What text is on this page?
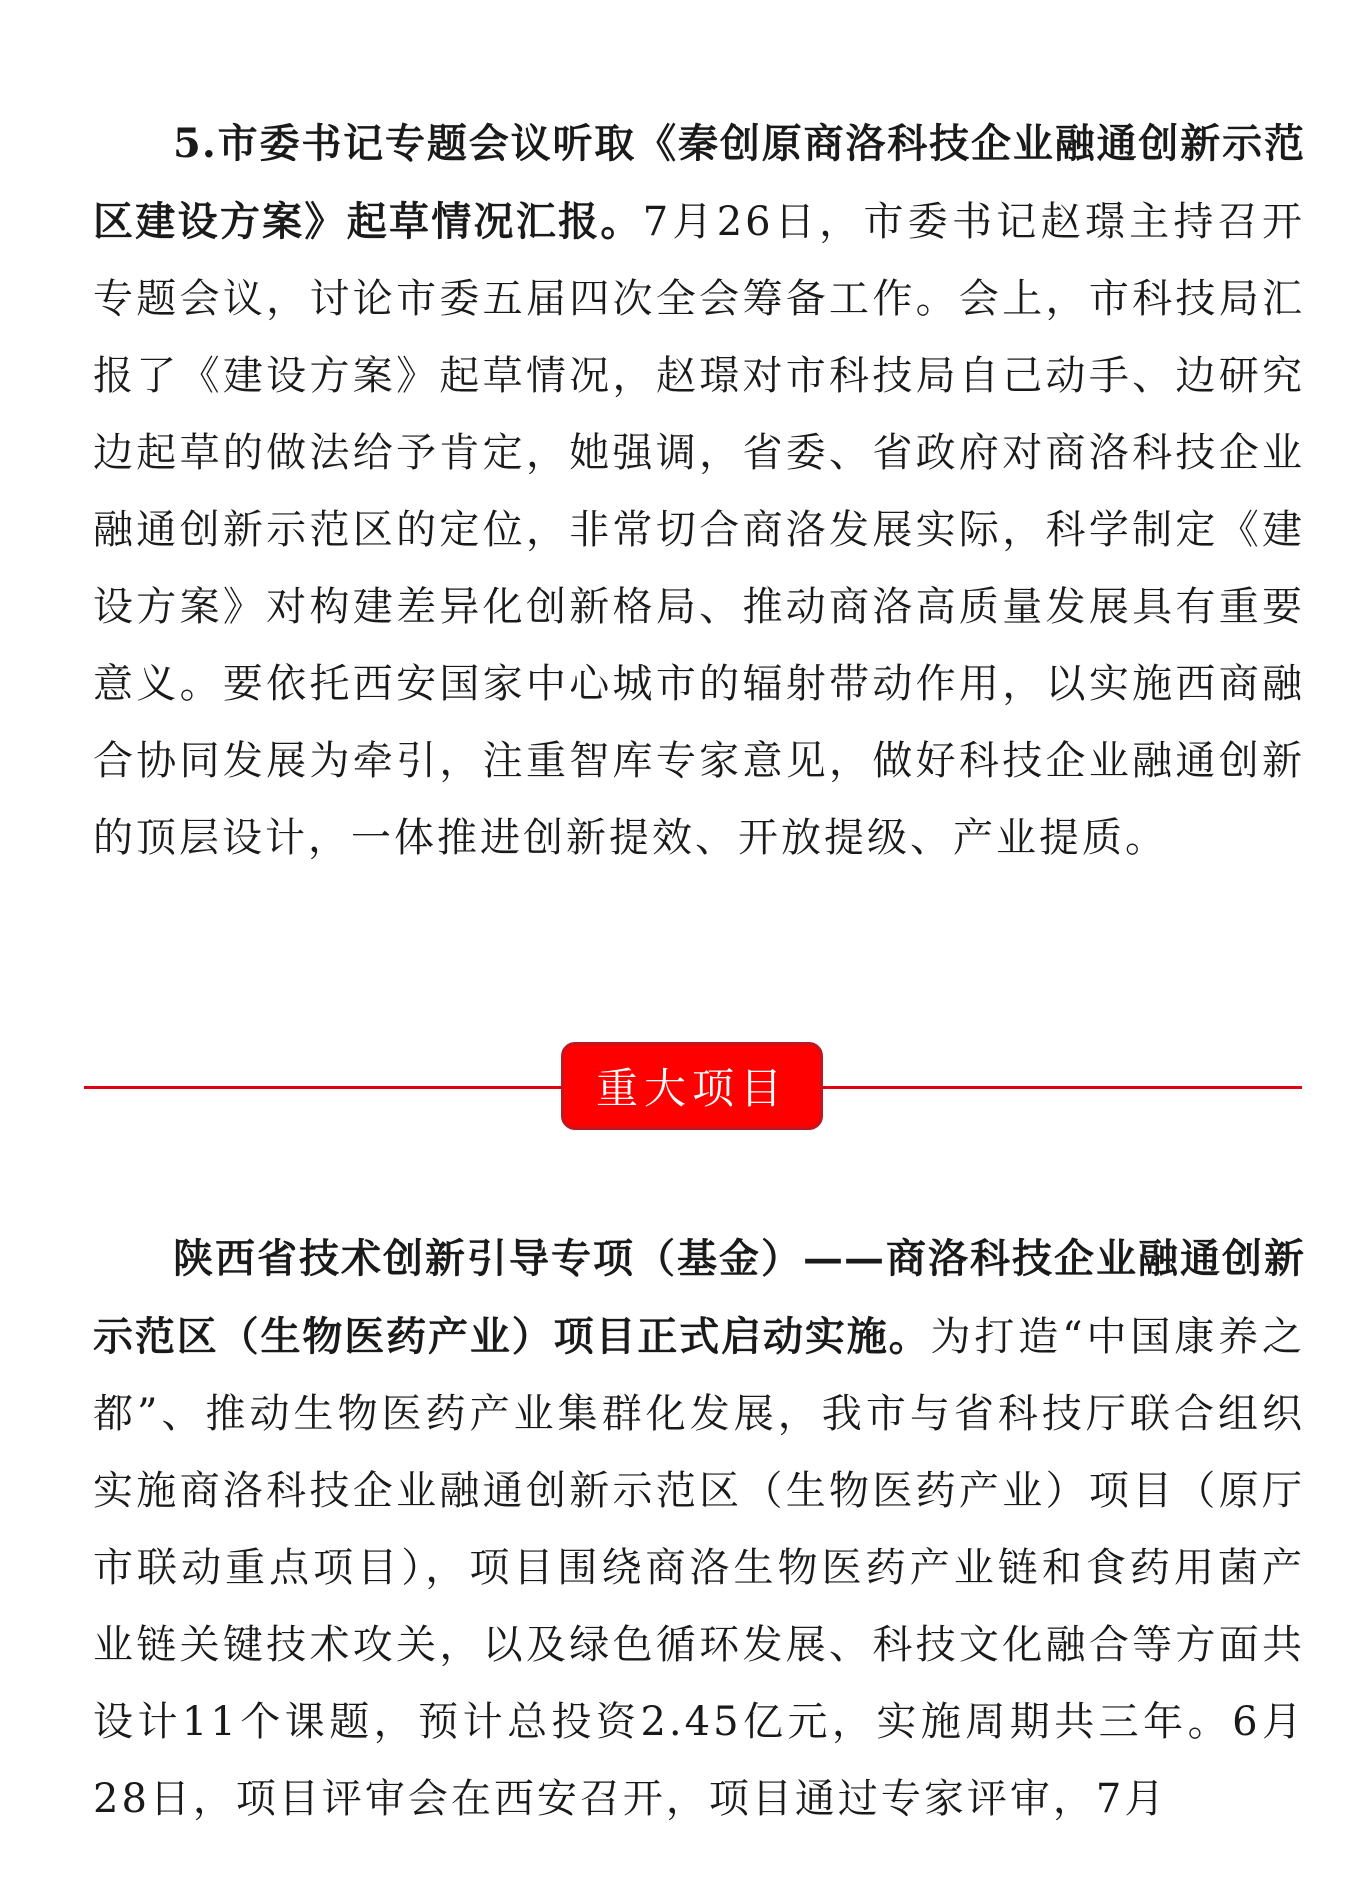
5.市委书记专题会议听取《秦创原商洛科技企业融通创新示范区建设方案》起草情况汇报。7月26日，市委书记赵璟主持召开专题会议，讨论市委五届四次全会筹备工作。会上，市科技局汇报了《建设方案》起草情况，赵璟对市科技局自己动手、边研究边起草的做法给予肯定，她强调，省委、省政府对商洛科技企业融通创新示范区的定位，非常切合商洛发展实际，科学制定《建设方案》对构建差异化创新格局、推动商洛高质量发展具有重要意义。要依托西安国家中心城市的辐射带动作用，以实施西商融合协同发展为牵引，注重智库专家意见，做好科技企业融通创新的顶层设计，一体推进创新提效、开放提级、产业提质。

重大项目

陕西省技术创新引导专项（基金）——商洛科技企业融通创新示范区（生物医药产业）项目正式启动实施。为打造“中国康养之都”、推动生物医药产业集群化发展，我市与省科技厅联合组织实施商洛科技企业融通创新示范区（生物医药产业）项目（原厅市联动重点项目），项目围绕商洛生物医药产业链和食药用菌产业链关键技术攻关，以及绿色循环发展、科技文化融合等方面共设计11个课题，预计总投资2.45亿元，实施周期共三年。6月28日，项目评审会在西安召开，项目通过专家评审，7月
